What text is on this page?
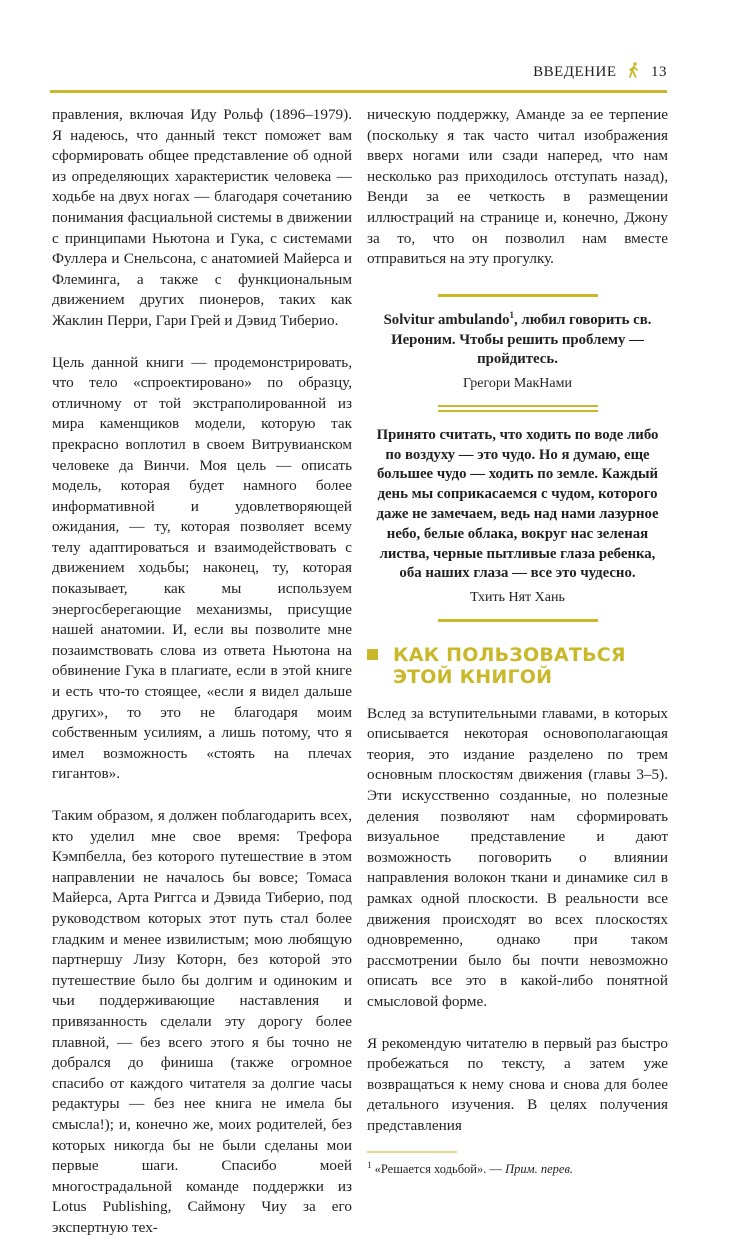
ВВЕДЕНИЕ 13

правления, включая Иду Рольф (1896–1979). Я надеюсь, что данный текст поможет вам сформировать общее представление об одной из определяющих характеристик человека — ходьбе на двух ногах — благодаря сочетанию понимания фасциальной системы в движении с принципами Ньютона и Гука, с системами Фуллера и Снельсона, с анатомией Майерса и Флеминга, а также с функциональным движением других пионеров, таких как Жаклин Перри, Гари Грей и Дэвид Тиберио.

Цель данной книги — продемонстрировать, что тело «спроектировано» по образцу, отличному от той экстраполированной из мира каменщиков модели, которую так прекрасно воплотил в своем Витрувианском человеке да Винчи. Моя цель — описать модель, которая будет намного более информативной и удовлетворяющей ожидания, — ту, которая позволяет всему телу адаптироваться и взаимодействовать с движением ходьбы; наконец, ту, которая показывает, как мы используем энергосберегающие механизмы, присущие нашей анатомии. И, если вы позволите мне позаимствовать слова из ответа Ньютона на обвинение Гука в плагиате, если в этой книге и есть что-то стоящее, «если я видел дальше других», то это не благодаря моим собственным усилиям, а лишь потому, что я имел возможность «стоять на плечах гигантов».

Таким образом, я должен поблагодарить всех, кто уделил мне свое время: Трефора Кэмпбелла, без которого путешествие в этом направлении не началось бы вовсе; Томаса Майерса, Арта Риггса и Дэвида Тиберио, под руководством которых этот путь стал более гладким и менее извилистым; мою любящую партнершу Лизу Которн, без которой это путешествие было бы долгим и одиноким и чьи поддерживающие наставления и привязанность сделали эту дорогу более плавной, — без всего этого я бы точно не добрался до финиша (также огромное спасибо от каждого читателя за долгие часы редактуры — без нее книга не имела бы смысла!); и, конечно же, моих родителей, без которых никогда бы не были сделаны мои первые шаги. Спасибо моей многострадальной команде поддержки из Lotus Publishing, Саймону Чиу за его экспертную тех-

ническую поддержку, Аманде за ее терпение (поскольку я так часто читал изображения вверх ногами или сзади наперед, что нам несколько раз приходилось отступать назад), Венди за ее четкость в размещении иллюстраций на странице и, конечно, Джону за то, что он позволил нам вместе отправиться на эту прогулку.

Solvitur ambulando$^1$, любил говорить св. Иероним. Чтобы решить проблему — пройдитесь.
Грегори МакНами
Принято считать, что ходить по воде либо по воздуху — это чудо. Но я думаю, еще большее чудо — ходить по земле. Каждый день мы соприкасаемся с чудом, которого даже не замечаем, ведь над нами лазурное небо, белые облака, вокруг нас зеленая листва, черные пытливые глаза ребенка, оба наших глаза — все это чудесно.
Тхить Нят Хань
КАК ПОЛЬЗОВАТЬСЯ ЭТОЙ КНИГОЙ

Вслед за вступительными главами, в которых описывается некоторая основополагающая теория, это издание разделено по трем основным плоскостям движения (главы 3–5). Эти искусственно созданные, но полезные деления позволяют нам сформировать визуальное представление и дают возможность поговорить о влиянии направления волокон ткани и динамике сил в рамках одной плоскости. В реальности все движения происходят во всех плоскостях одновременно, однако при таком рассмотрении было бы почти невозможно описать все это в какой-либо понятной смысловой форме.

Я рекомендую читателю в первый раз быстро пробежаться по тексту, а затем уже возвращаться к нему снова и снова для более детального изучения. В целях получения представления

$^1$ «Решается ходьбой». — Прим. перев.
